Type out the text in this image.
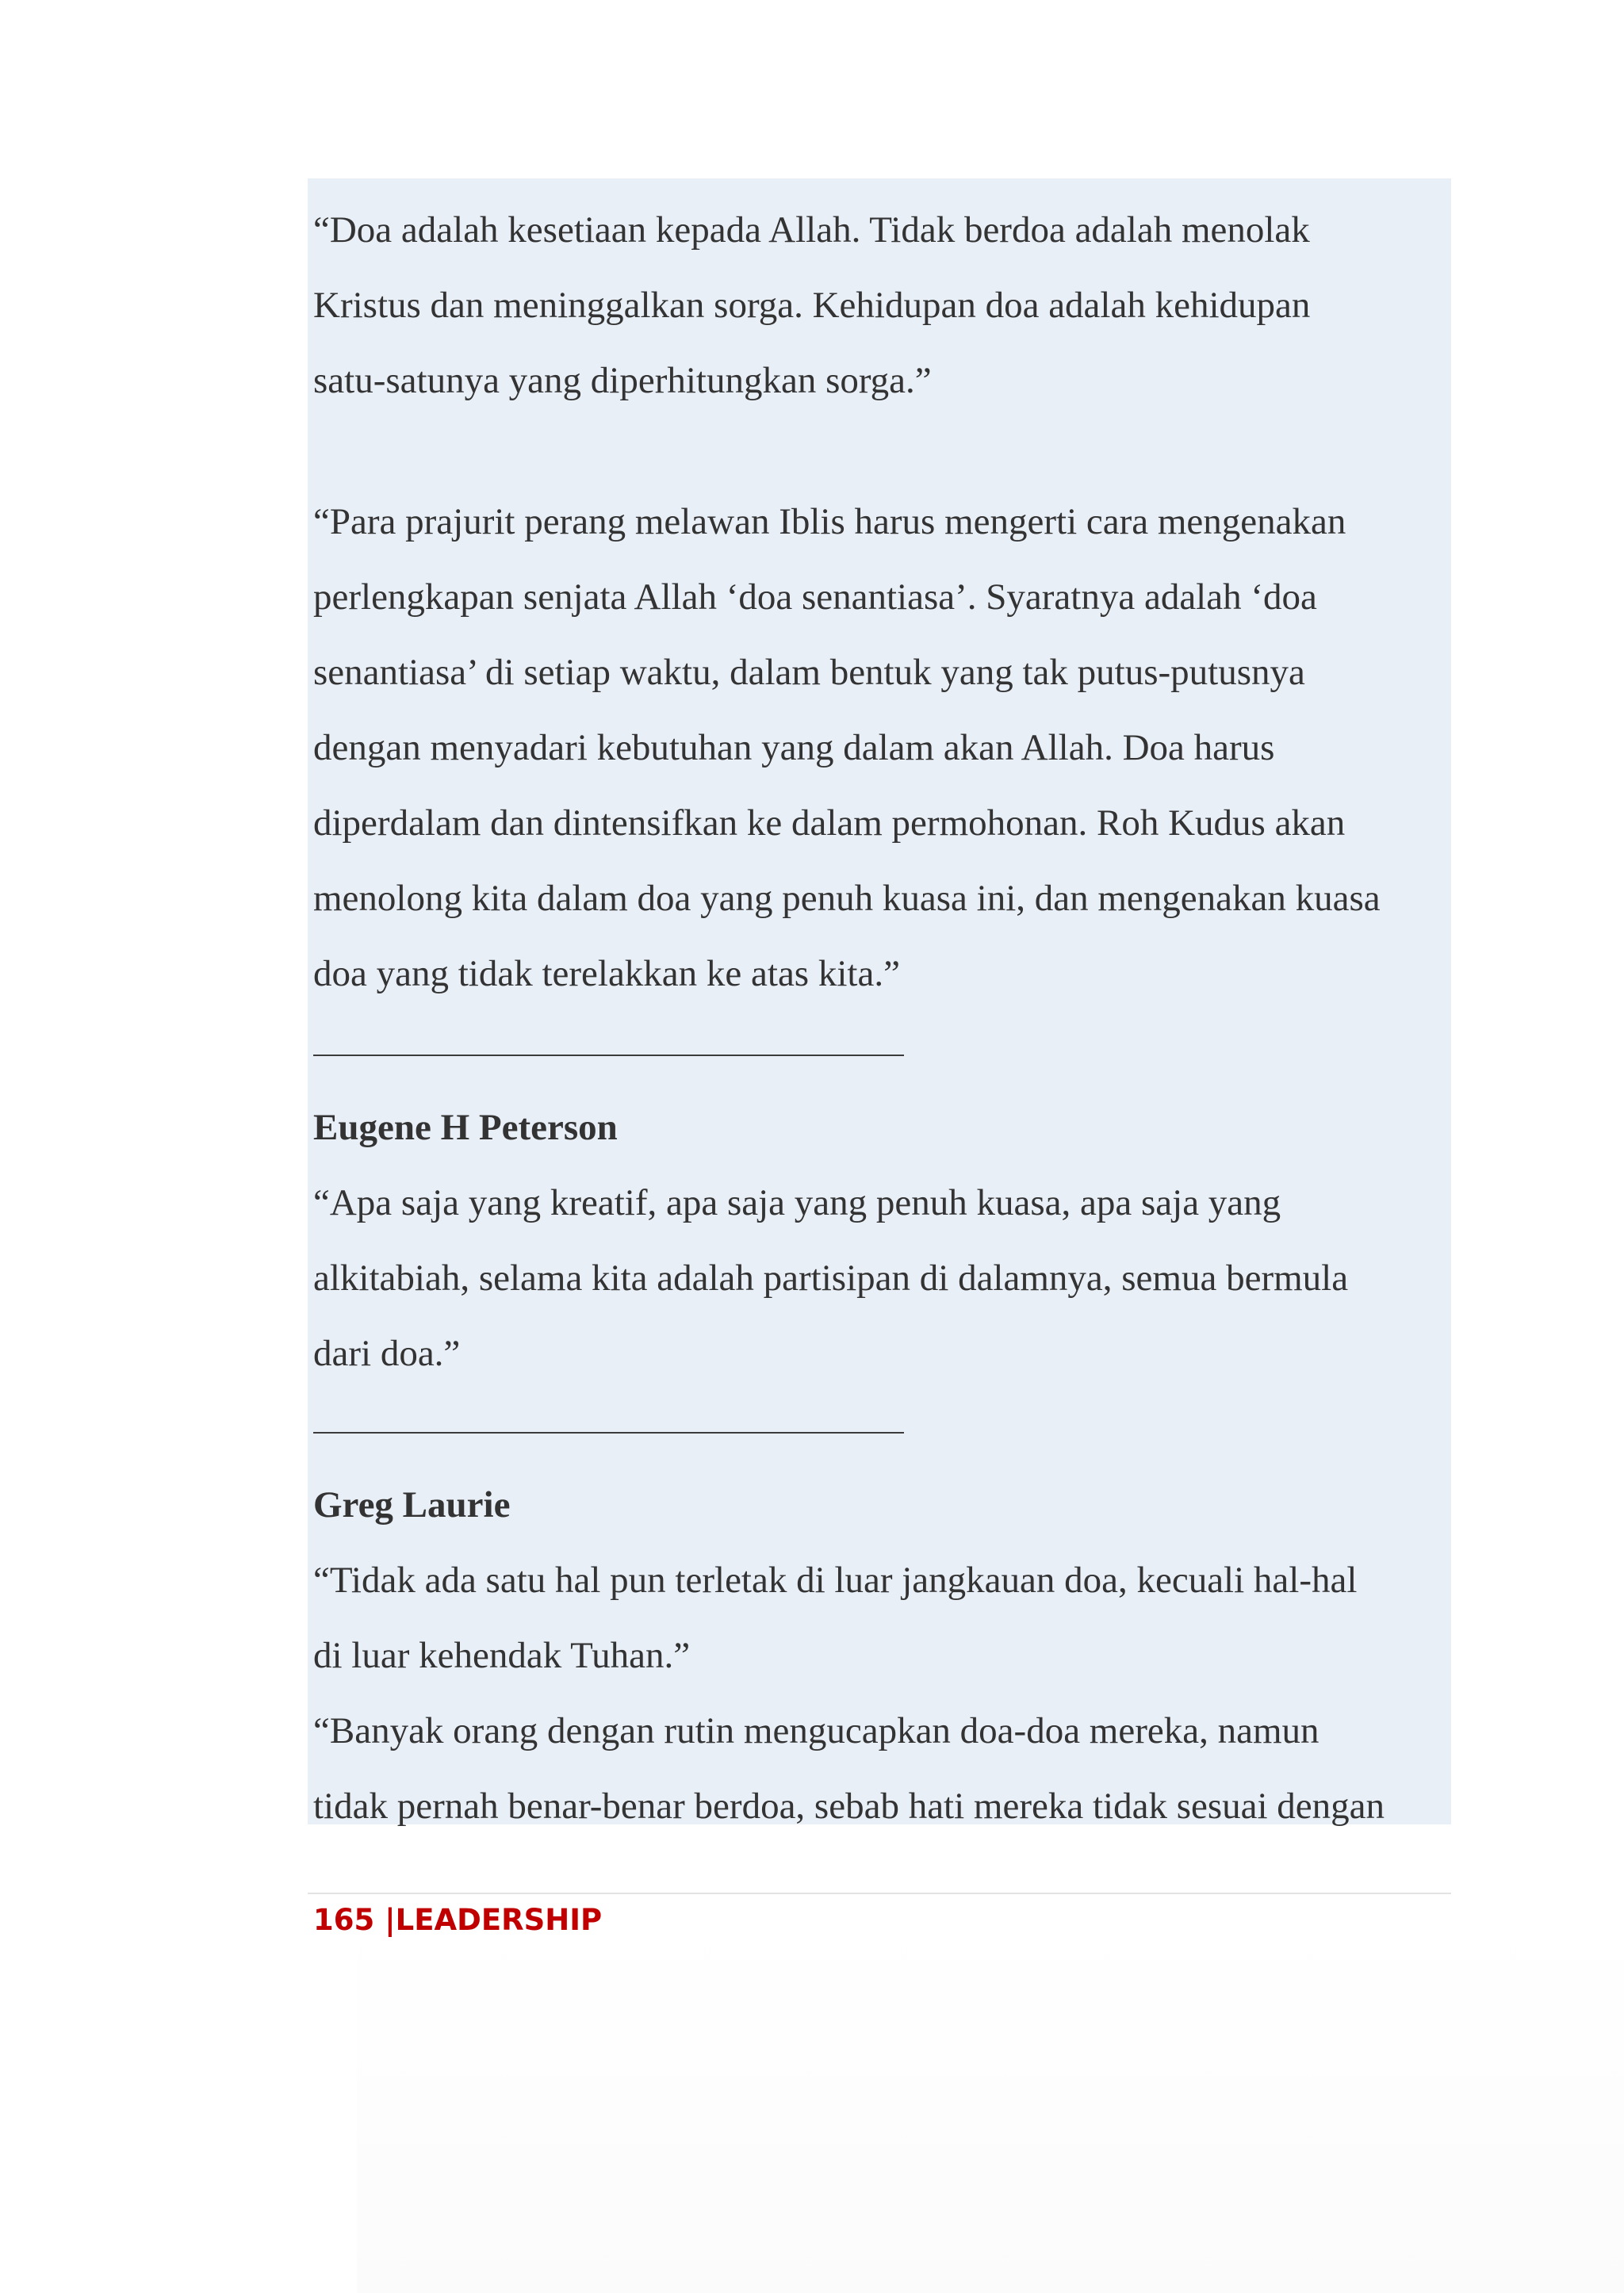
“Doa adalah kesetiaan kepada Allah. Tidak berdoa adalah menolak

Kristus dan meninggalkan sorga. Kehidupan doa adalah kehidupan

satu-satunya yang diperhitungkan sorga.”

“Para prajurit perang melawan Iblis harus mengerti cara mengenakan

perlengkapan senjata Allah ‘doa senantiasa’. Syaratnya adalah ‘doa

senantiasa’ di setiap waktu, dalam bentuk yang tak putus-putusnya

dengan menyadari kebutuhan yang dalam akan Allah. Doa harus

diperdalam dan dintensifkan ke dalam permohonan. Roh Kudus akan

menolong kita dalam doa yang penuh kuasa ini, dan mengenakan kuasa

doa yang tidak terelakkan ke atas kita.”

Eugene H Peterson

“Apa saja yang kreatif, apa saja yang penuh kuasa, apa saja yang

alkitabiah, selama kita adalah partisipan di dalamnya, semua bermula

dari doa.”

Greg Laurie

“Tidak ada satu hal pun terletak di luar jangkauan doa, kecuali hal-hal

di luar kehendak Tuhan.”

“Banyak orang dengan rutin mengucapkan doa-doa mereka, namun

tidak pernah benar-benar berdoa, sebab hati mereka tidak sesuai dengan

165 |LEADERSHIP
